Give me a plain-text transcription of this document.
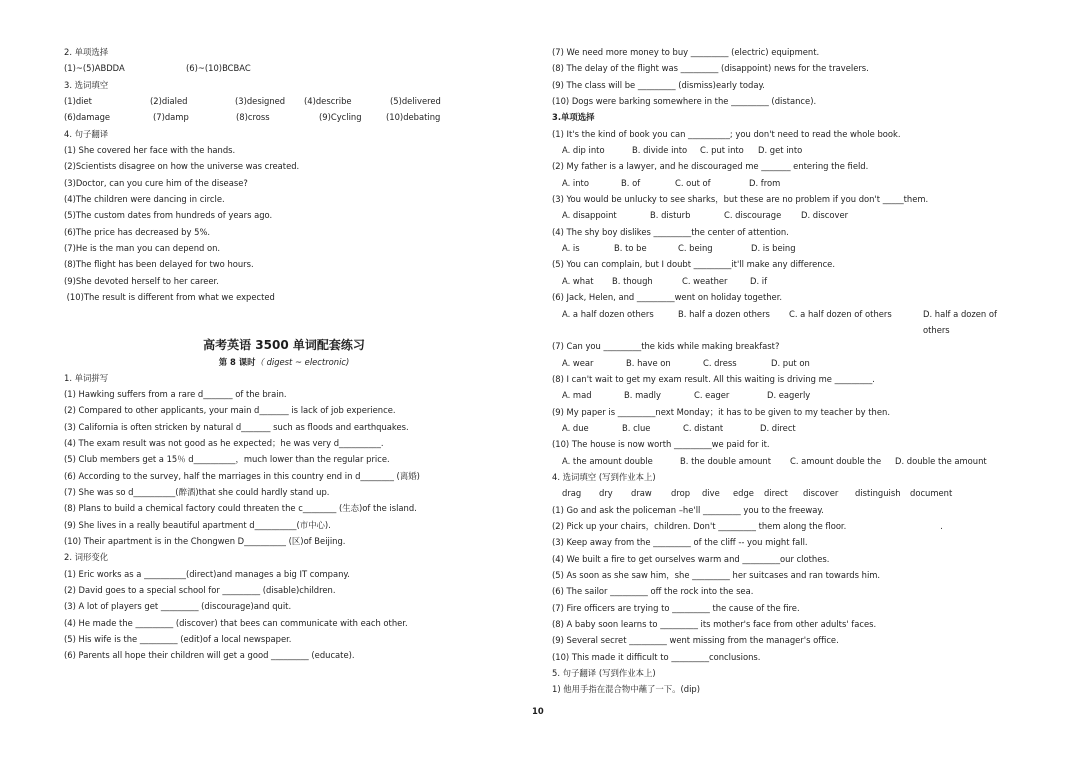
2. 单项选择
(1)~(5)ABDDA	(6)~(10)BCBAC
3. 选词填空
(1)diet	(2)dialed	(3)designed (4)describe	(5)delivered
(6)damage	(7)damp	(8)cross	(9)Cycling	(10)debating
4. 句子翻译
(1) She covered her face with the hands.
(2)Scientists disagree on how the universe was created.
(3)Doctor, can you cure him of the disease?
(4)The children were dancing in circle.
(5)The custom dates from hundreds of years ago.
(6)The price has decreased by 5%.
(7)He is the man you can depend on.
(8)The flight has been delayed for two hours.
(9)She devoted herself to her career.
(10)The result is different from what we expected
高考英语 3500 单词配套练习
第 8 课时（ digest ~ electronic)
1. 单词拼写
(1) Hawking suffers from a rare d_______ of the brain.
(2) Compared to other applicants, your main d_______ is lack of job experience.
(3) California is often stricken by natural d_______ such as floods and earthquakes.
(4) The exam result was not good as he expected；he was very d__________.
(5) Club members get a 15％ d__________，much lower than the regular price.
(6) According to the survey, half the marriages in this country end in d________ (离婚)
(7) She was so d__________(醉酒)that she could hardly stand up.
(8) Plans to build a chemical factory could threaten the c________ (生态)of the island.
(9) She lives in a really beautiful apartment d__________(市中心).
(10) Their apartment is in the Chongwen D__________ (区)of Beijing.
2. 词形变化
(1) Eric works as a __________(direct)and manages a big IT company.
(2) David goes to a special school for _________ (disable)children.
(3) A lot of players get _________ (discourage)and quit.
(4) He made the _________ (discover) that bees can communicate with each other.
(5) His wife is the _________ (edit)of a local newspaper.
(6) Parents all hope their children will get a good _________ (educate).
(7) We need more money to buy _________ (electric) equipment.
(8) The delay of the flight was _________ (disappoint) news for the travelers.
(9) The class will be _________ (dismiss)early today.
(10) Dogs were barking somewhere in the _________ (distance).
3.单项选择
(1) It's the kind of book you can __________; you don't need to read the whole book.
A. dip into	B. divide into C. put into D. get into
(2) My father is a lawyer, and he discouraged me _______ entering the field.
A. into	B. of	C. out of	D. from
(3) You would be unlucky to see sharks，but these are no problem if you don't _____them.
A. disappoint	B. disturb	C. discourage D. discover
(4) The shy boy dislikes _________the center of attention.
A. is	B. to be	C. being	D. is being
(5) You can complain, but I doubt _________it'll make any difference.
A. what B. though	C. weather	D. if
(6) Jack, Helen, and _________went on holiday together.
A. a half dozen others	B. half a dozen others C. a half dozen of others	D. half a dozen of others
(7) Can you _________the kids while making breakfast?
A. wear	B. have on	C. dress	D. put on
(8) I can't wait to get my exam result. All this waiting is driving me _________.
A. mad	B. madly	C. eager	D. eagerly
(9) My paper is _________next Monday；it has to be given to my teacher by then.
A. due	B. clue	C. distant	D. direct
(10) The house is now worth _________we paid for it.
A. the amount double	B. the double amount C. amount double the D. double the amount
4. 选词填空 (写到作业本上)
drag dry draw drop dive edge direct discover distinguish document
(1) Go and ask the policeman –he'll _________ you to the freeway.
(2) Pick up your chairs，children. Don't _________ them along the floor.	.
(3) Keep away from the _________ of the cliff -- you might fall.
(4) We built a fire to get ourselves warm and _________our clothes.
(5) As soon as she saw him，she _________ her suitcases and ran towards him.
(6) The sailor _________ off the rock into the sea.
(7) Fire officers are trying to _________ the cause of the fire.
(8) A baby soon learns to _________ its mother's face from other adults' faces.
(9) Several secret _________ went missing from the manager's office.
(10) This made it difficult to _________conclusions.
5. 句子翻译 (写到作业本上)
1) 他用手指在混合物中蘸了一下。(dip)
10
